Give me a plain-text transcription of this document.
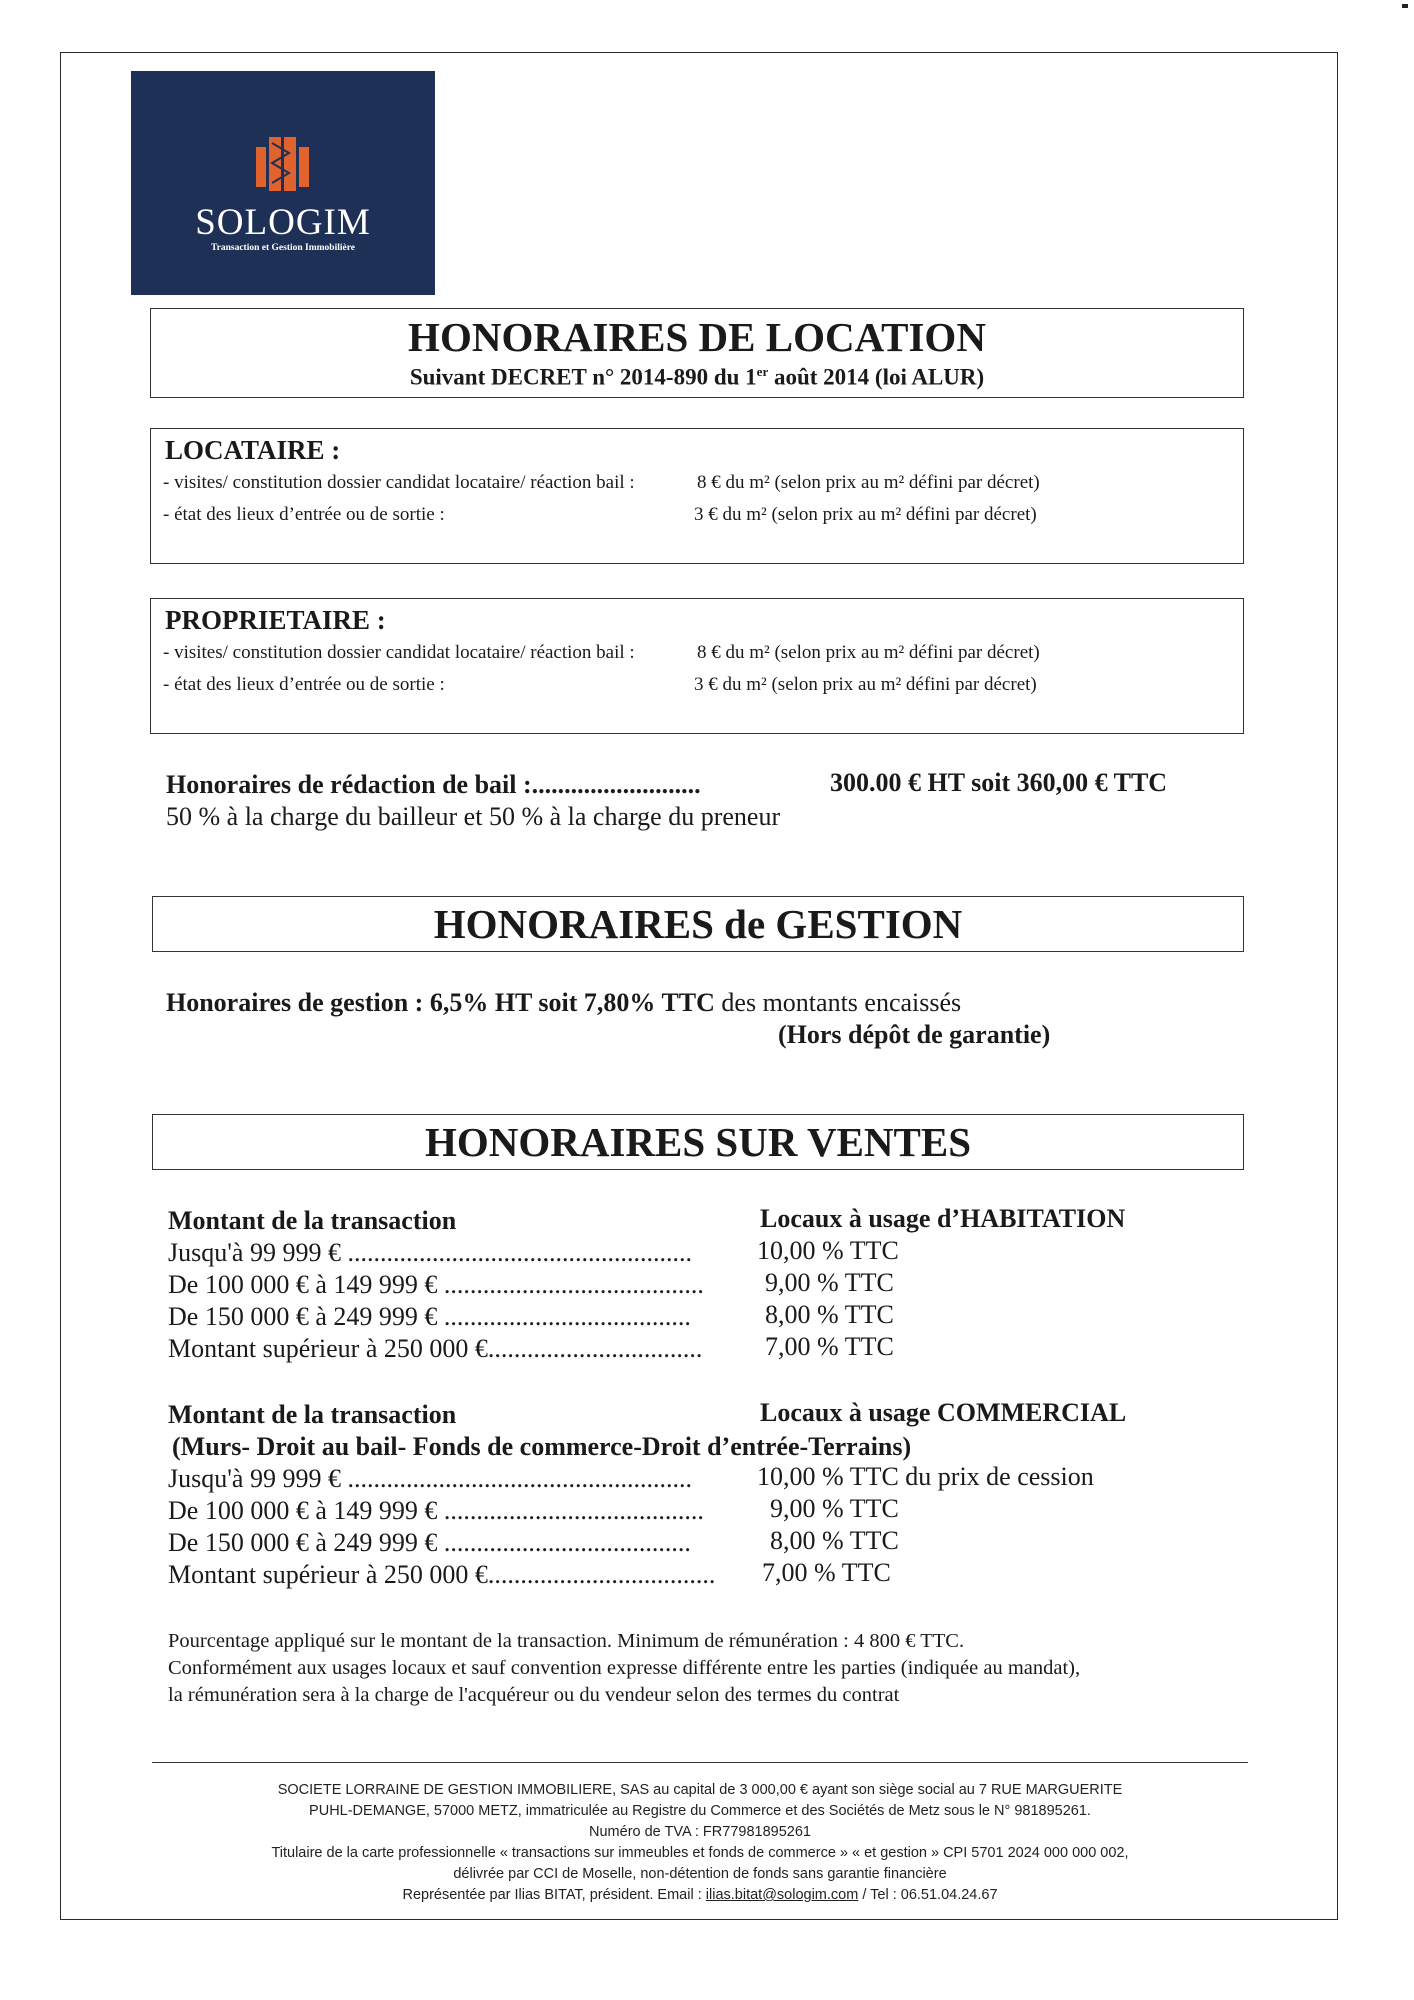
SOLOGIM
Transaction et Gestion Immobilière
HONORAIRES DE LOCATION
Suivant DECRET n° 2014-890 du 1er août 2014 (loi ALUR)
LOCATAIRE :
- visites/ constitution dossier candidat locataire/ réaction bail :	8 € du m² (selon prix au m² défini par décret)
- état des lieux d’entrée ou de sortie :	3 € du m² (selon prix au m² défini par décret)
PROPRIETAIRE :
- visites/ constitution dossier candidat locataire/ réaction bail :	8 € du m² (selon prix au m² défini par décret)
- état des lieux d’entrée ou de sortie :	3 € du m² (selon prix au m² défini par décret)
Honoraires de rédaction de bail :..........................	300.00 € HT soit 360,00 € TTC
50 % à la charge du bailleur et 50 % à la charge du preneur
HONORAIRES de GESTION
Honoraires de gestion : 6,5% HT soit 7,80% TTC des montants encaissés
(Hors dépôt de garantie)
HONORAIRES SUR VENTES
Montant de la transaction	Locaux à usage d’HABITATION
Jusqu'à 99 999 € .....................................................	10,00 % TTC
De 100 000 € à 149 999 € ........................................ 9,00 % TTC
De 150 000 € à 249 999 € ......................................	8,00 % TTC
Montant supérieur à 250 000 €................................. 7,00 % TTC
Montant de la transaction	Locaux à usage COMMERCIAL
(Murs- Droit au bail- Fonds de commerce-Droit d’entrée-Terrains)
Jusqu'à 99 999 € .....................................................	10,00 % TTC du prix de cession
De 100 000 € à 149 999 € ........................................	9,00 % TTC
De 150 000 € à 249 999 € ......................................	8,00 % TTC
Montant supérieur à 250 000 €................................... 7,00 % TTC
Pourcentage appliqué sur le montant de la transaction. Minimum de rémunération : 4 800 € TTC.
Conformément aux usages locaux et sauf convention expresse différente entre les parties (indiquée au mandat),
la rémunération sera à la charge de l'acquéreur ou du vendeur selon des termes du contrat
SOCIETE LORRAINE DE GESTION IMMOBILIERE, SAS au capital de 3 000,00 € ayant son siège social au 7 RUE MARGUERITE
PUHL-DEMANGE, 57000 METZ, immatriculée au Registre du Commerce et des Sociétés de Metz sous le N° 981895261.
Numéro de TVA : FR77981895261
Titulaire de la carte professionnelle « transactions sur immeubles et fonds de commerce » « et gestion » CPI 5701 2024 000 000 002,
délivrée par CCI de Moselle, non-détention de fonds sans garantie financière
Représentée par Ilias BITAT, président. Email : ilias.bitat@sologim.com / Tel : 06.51.04.24.67
